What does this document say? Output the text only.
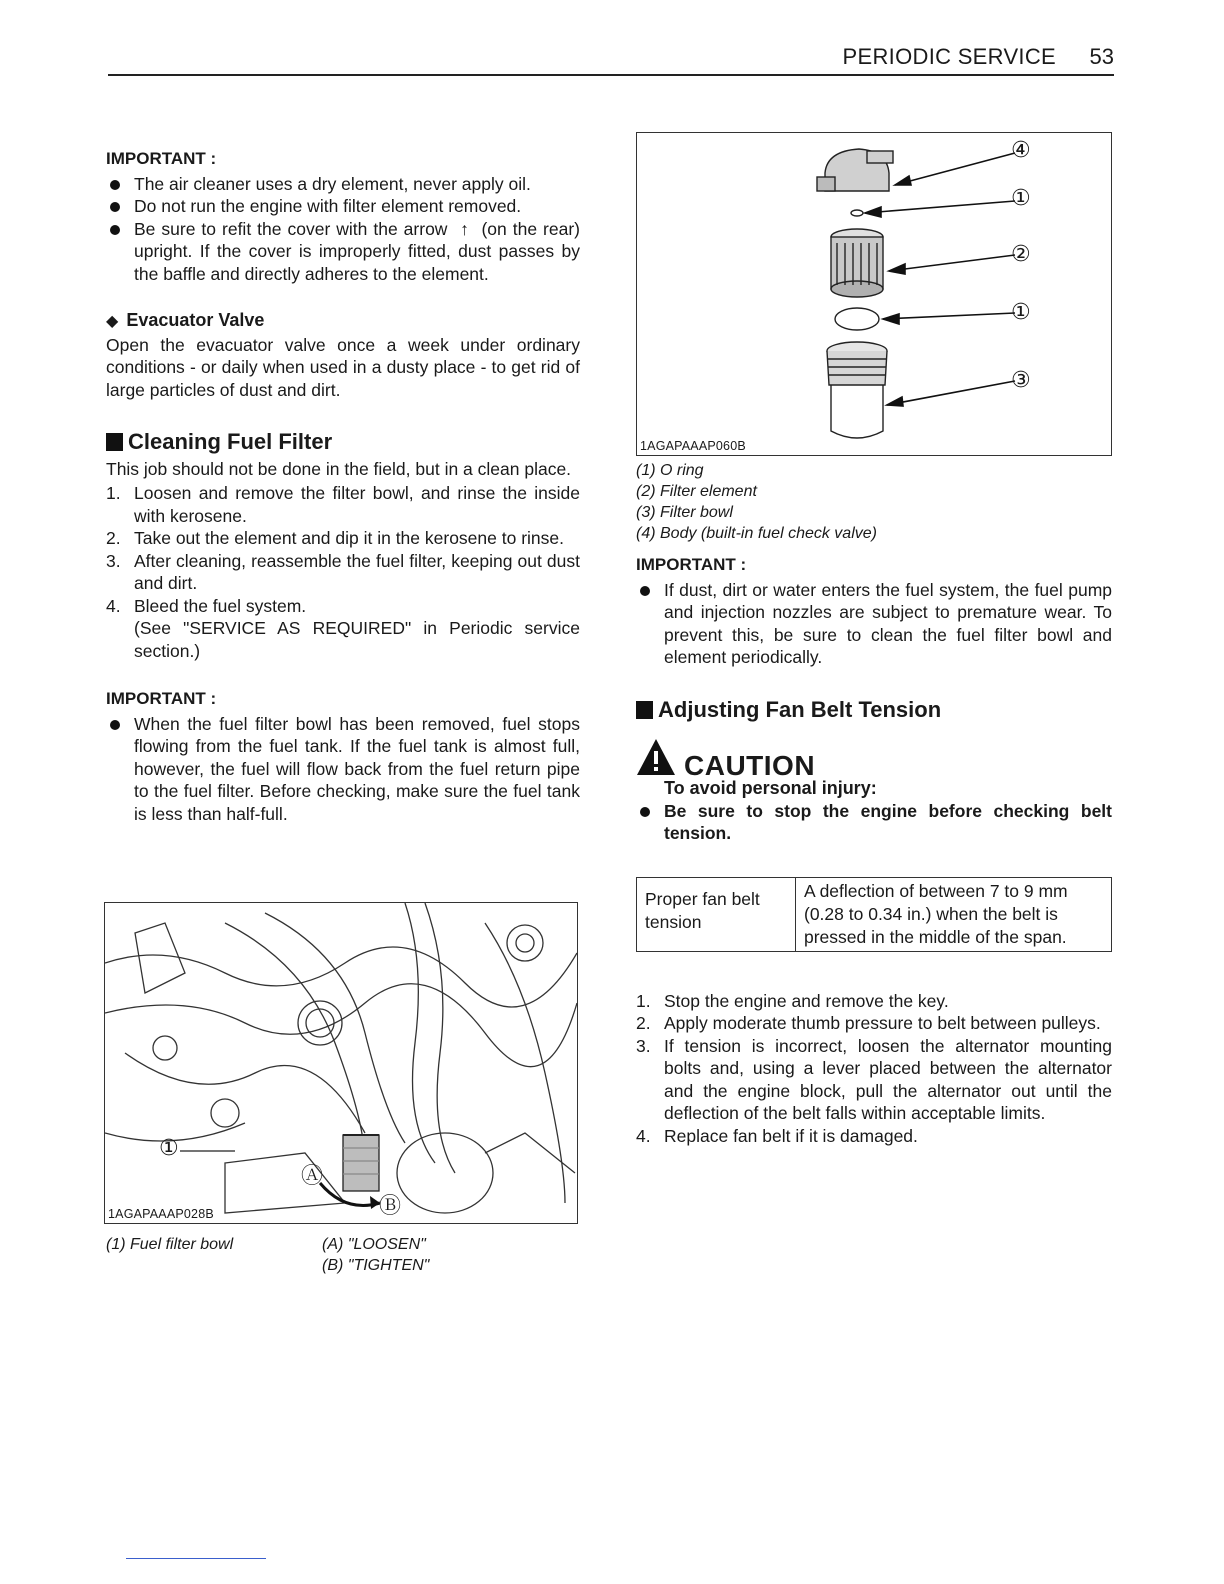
PERIODIC SERVICE 53
IMPORTANT :
The air cleaner uses a dry element, never apply oil.
Do not run the engine with filter element removed.
Be sure to refit the cover with the arrow ↑ (on the rear) upright. If the cover is improperly fitted, dust passes by the baffle and directly adheres to the element.
◆ Evacuator Valve

Open the evacuator valve once a week under ordinary conditions - or daily when used in a dusty place - to get rid of large particles of dust and dirt.

Cleaning Fuel Filter

This job should not be done in the field, but in a clean place.

1. Loosen and remove the filter bowl, and rinse the inside with kerosene.
2. Take out the element and dip it in the kerosene to rinse.
3. After cleaning, reassemble the fuel filter, keeping out dust and dirt.
4. Bleed the fuel system.
(See "SERVICE AS REQUIRED" in Periodic service section.)
IMPORTANT :
When the fuel filter bowl has been removed, fuel stops flowing from the fuel tank. If the fuel tank is almost full, however, the fuel will flow back from the fuel return pipe to the fuel filter. Before checking, make sure the fuel tank is less than half-full.
①
Ⓐ
Ⓑ
1AGAPAAAP028B
(1) Fuel filter bowl	(A) "LOOSEN"
(B) "TIGHTEN"
④
①
②
①
③
1AGAPAAAP060B
(1) O ring
(2) Filter element
(3) Filter bowl
(4) Body (built-in fuel check valve)
IMPORTANT :
If dust, dirt or water enters the fuel system, the fuel pump and injection nozzles are subject to premature wear. To prevent this, be sure to clean the fuel filter bowl and element periodically.
Adjusting Fan Belt Tension
CAUTION
To avoid personal injury:
Be sure to stop the engine before checking belt tension.
Proper fan belt tension	A deflection of between 7 to 9 mm (0.28 to 0.34 in.) when the belt is pressed in the middle of the span.
1. Stop the engine and remove the key.
2. Apply moderate thumb pressure to belt between pulleys.
3. If tension is incorrect, loosen the alternator mounting bolts and, using a lever placed between the alternator and the engine block, pull the alternator out until the deflection of the belt falls within acceptable limits.
4. Replace fan belt if it is damaged.
